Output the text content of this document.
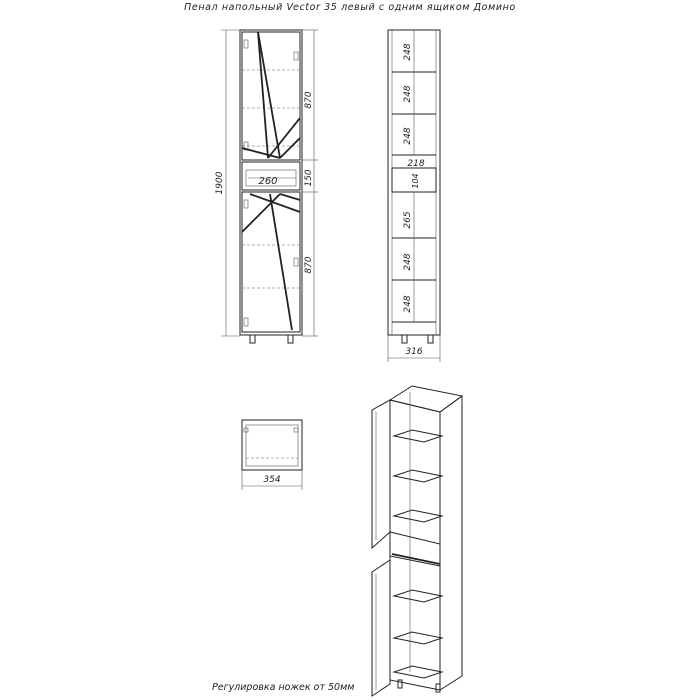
Пенал напольный Vector 35 левый с одним ящиком Домино
1900	260
870
150
870
248
248
248
218
104
265
248
248
316
354
Регулировка ножек от 50мм
